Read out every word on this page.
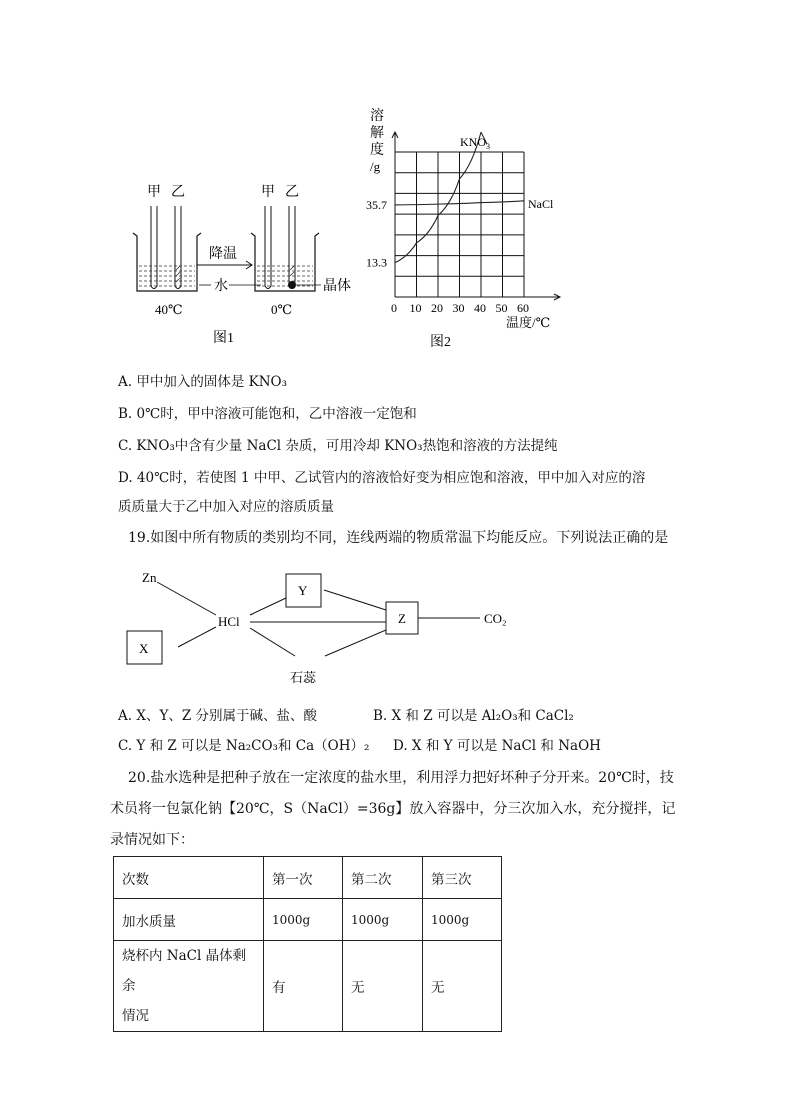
甲 乙
40℃
降温
水
甲 乙
晶体
0℃
图1
溶
解
度
/g
0 10 20 30 40 50 60
13.3
35.7
$KNO_3$
NaCl
温度/℃
图2
A. 甲中加入的固体是 KNO₃
B. 0℃时，甲中溶液可能饱和，乙中溶液一定饱和
C. KNO₃中含有少量 NaCl 杂质，可用冷却 KNO₃热饱和溶液的方法提纯
D. 40℃时，若使图 1 中甲、乙试管内的溶液恰好变为相应饱和溶液，甲中加入对应的溶
质质量大于乙中加入对应的溶质质量
19.如图中所有物质的类别均不同，连线两端的物质常温下均能反应。下列说法正确的是
Zn
X
HCl
Y
Z	CO₂
石蕊
A. X、Y、Z 分别属于碱、盐、酸	B. X 和 Z 可以是 Al₂O₃和 CaCl₂
C. Y 和 Z 可以是 Na₂CO₃和 Ca（OH）₂ D. X 和 Y 可以是 NaCl 和 NaOH
20.盐水选种是把种子放在一定浓度的盐水里，利用浮力把好坏种子分开来。20℃时，技
术员将一包氯化钠【20℃，S（NaCl）=36g】放入容器中，分三次加入水，充分搅拌，记
录情况如下：
次数	第一次	第二次	第三次
加水质量	1000g	1000g	1000g

烧杯内 NaCl 晶体剩余
情况	有	无	无
